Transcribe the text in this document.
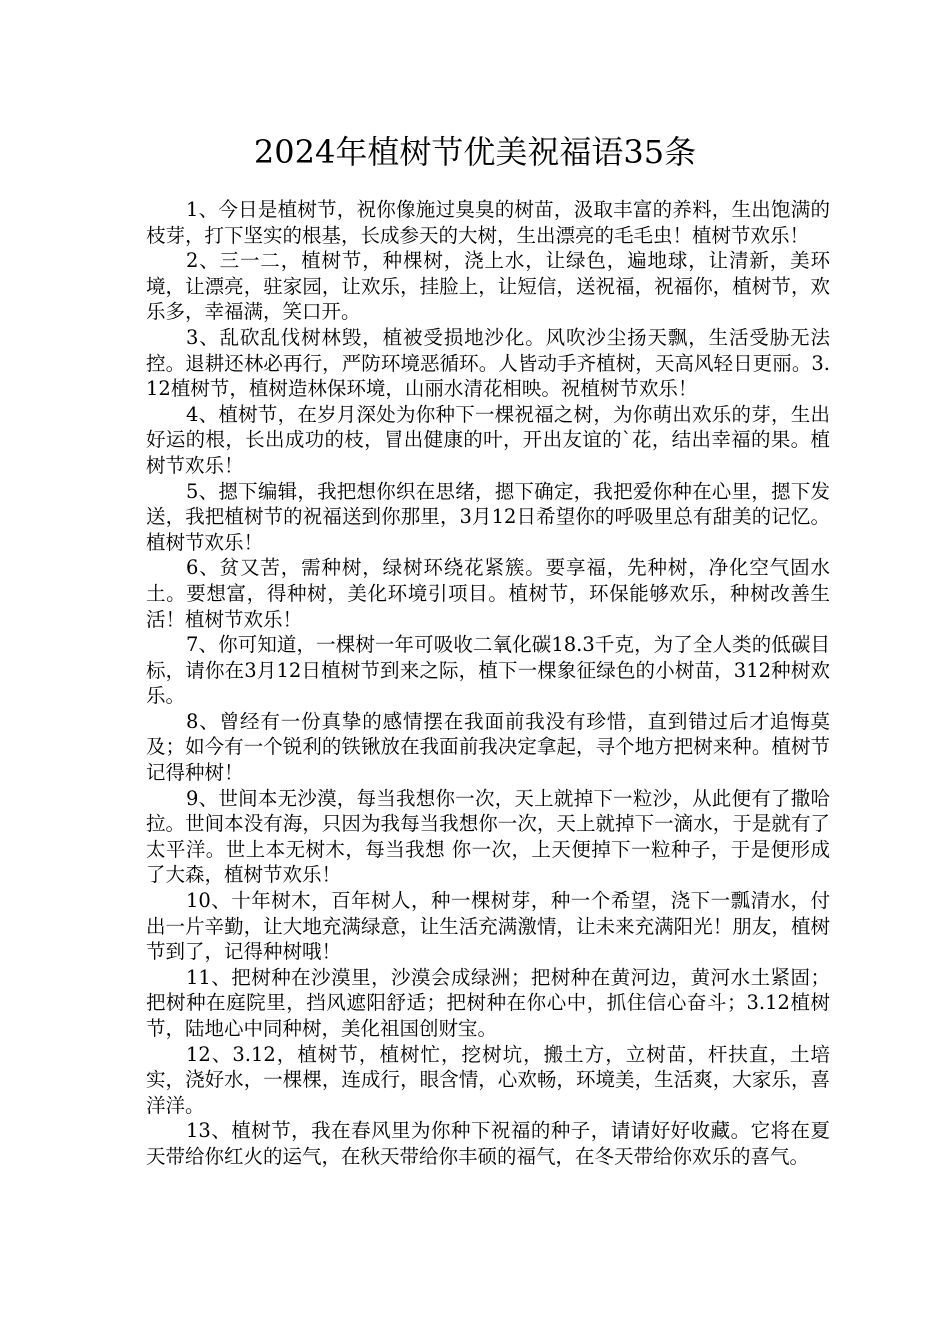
2024年植树节优美祝福语35条

1、今日是植树节，祝你像施过臭臭的树苗，汲取丰富的养料，生出饱满的枝芽，打下坚实的根基，长成参天的大树，生出漂亮的毛毛虫！植树节欢乐！

2、三一二，植树节，种棵树，浇上水，让绿色，遍地球，让清新，美环境，让漂亮，驻家园，让欢乐，挂脸上，让短信，送祝福，祝福你，植树节，欢乐多，幸福满，笑口开。

3、乱砍乱伐树林毁，植被受损地沙化。风吹沙尘扬天飘，生活受胁无法控。退耕还林必再行，严防环境恶循环。人皆动手齐植树，天高风轻日更丽。3.12植树节，植树造林保环境，山丽水清花相映。祝植树节欢乐！

4、植树节，在岁月深处为你种下一棵祝福之树，为你萌出欢乐的芽，生出好运的根，长出成功的枝，冒出健康的叶，开出友谊的`花，结出幸福的果。植树节欢乐！

5、摁下编辑，我把想你织在思绪，摁下确定，我把爱你种在心里，摁下发送，我把植树节的祝福送到你那里，3月12日希望你的呼吸里总有甜美的记忆。植树节欢乐！

6、贫又苦，需种树，绿树环绕花紧簇。要享福，先种树，净化空气固水土。要想富，得种树，美化环境引项目。植树节，环保能够欢乐，种树改善生活！植树节欢乐！

7、你可知道，一棵树一年可吸收二氧化碳18.3千克，为了全人类的低碳目标，请你在3月12日植树节到来之际，植下一棵象征绿色的小树苗，312种树欢乐。

8、曾经有一份真挚的感情摆在我面前我没有珍惜，直到错过后才追悔莫及；如今有一个锐利的铁锹放在我面前我决定拿起，寻个地方把树来种。植树节记得种树！

9、世间本无沙漠，每当我想你一次，天上就掉下一粒沙，从此便有了撒哈拉。世间本没有海，只因为我每当我想你一次，天上就掉下一滴水，于是就有了太平洋。世上本无树木，每当我想 你一次，上天便掉下一粒种子，于是便形成了大森，植树节欢乐！

10、十年树木，百年树人，种一棵树芽，种一个希望，浇下一瓢清水，付出一片辛勤，让大地充满绿意，让生活充满激情，让未来充满阳光！朋友，植树节到了，记得种树哦！

11、把树种在沙漠里，沙漠会成绿洲；把树种在黄河边，黄河水土紧固；把树种在庭院里，挡风遮阳舒适；把树种在你心中，抓住信心奋斗；3.12植树节，陆地心中同种树，美化祖国创财宝。

12、3.12，植树节，植树忙，挖树坑，搬土方，立树苗，杆扶直，土培实，浇好水，一棵棵，连成行，眼含情，心欢畅，环境美，生活爽，大家乐，喜洋洋。

13、植树节，我在春风里为你种下祝福的种子，请请好好收藏。它将在夏天带给你红火的运气，在秋天带给你丰硕的福气，在冬天带给你欢乐的喜气。
